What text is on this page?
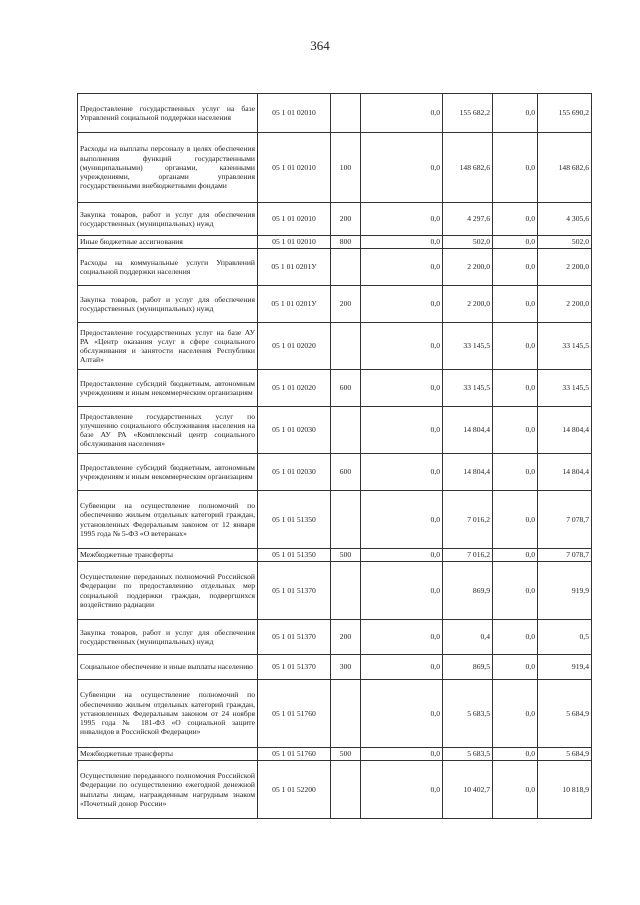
364
Предоставление государственных услуг на базе Управлений социальной поддержки населения	05 1 01 02010		0,0	155 682,2	0,0	155 690,2
Расходы на выплаты персоналу в целях обеспечения выполнения функций государственными (муниципальными) органами, казенными учреждениями, органами управления государственными внебюджетными фондами	05 1 01 02010	100	0,0	148 682,6	0,0	148 682,6
Закупка товаров, работ и услуг для обеспечения государственных (муниципальных) нужд	05 1 01 02010	200	0,0	4 297,6	0,0	4 305,6
Иные бюджетные ассигнования	05 1 01 02010	800	0,0	502,0	0,0	502,0
Расходы на коммунальные услуги Управлений социальной поддержки населения	05 1 01 0201У		0,0	2 200,0	0,0	2 200,0
Закупка товаров, работ и услуг для обеспечения государственных (муниципальных) нужд	05 1 01 0201У	200	0,0	2 200,0	0,0	2 200,0
Предоставление государственных услуг на базе АУ РА «Центр оказания услуг в сфере социального обслуживания и занятости населения Республики Алтай»	05 1 01 02020		0,0	33 145,5	0,0	33 145,5
Предоставление субсидий бюджетным, автономным учреждениям и иным некоммерческим организациям	05 1 01 02020	600	0,0	33 145,5	0,0	33 145,5
Предоставление государственных услуг по улучшению социального обслуживания населения на базе АУ РА «Комплексный центр социального обслуживания населения»	05 1 01 02030		0,0	14 804,4	0,0	14 804,4
Предоставление субсидий бюджетным, автономным учреждениям и иным некоммерческим организациям	05 1 01 02030	600	0,0	14 804,4	0,0	14 804,4
Субвенции на осуществление полномочий по обеспечению жильем отдельных категорий граждан, установленных Федеральным законом от 12 января 1995 года № 5-ФЗ «О ветеранах»	05 1 01 51350		0,0	7 016,2	0,0	7 078,7
Межбюджетные трансферты	05 1 01 51350	500	0,0	7 016,2	0,0	7 078,7
Осуществление переданных полномочий Российской Федерации по предоставлению отдельных мер социальной поддержки граждан, подвергшихся воздействию радиации	05 1 01 51370		0,0	869,9	0,0	919,9
Закупка товаров, работ и услуг для обеспечения государственных (муниципальных) нужд	05 1 01 51370	200	0,0	0,4	0,0	0,5
Социальное обеспечение и иные выплаты населению	05 1 01 51370	300	0,0	869,5	0,0	919,4
Субвенции на осуществление полномочий по обеспечению жильем отдельных категорий граждан, установленных Федеральным законом от 24 ноября 1995 года № 181-ФЗ «О социальной защите инвалидов в Российской Федерации»	05 1 01 51760		0,0	5 683,5	0,0	5 684,9
Межбюджетные трансферты	05 1 01 51760	500	0,0	5 683,5	0,0	5 684,9
Осуществление переданного полномочия Российской Федерации по осуществлению ежегодной денежной выплаты лицам, награжденным нагрудным знаком «Почетный донор России»	05 1 01 52200		0,0	10 402,7	0,0	10 818,9
